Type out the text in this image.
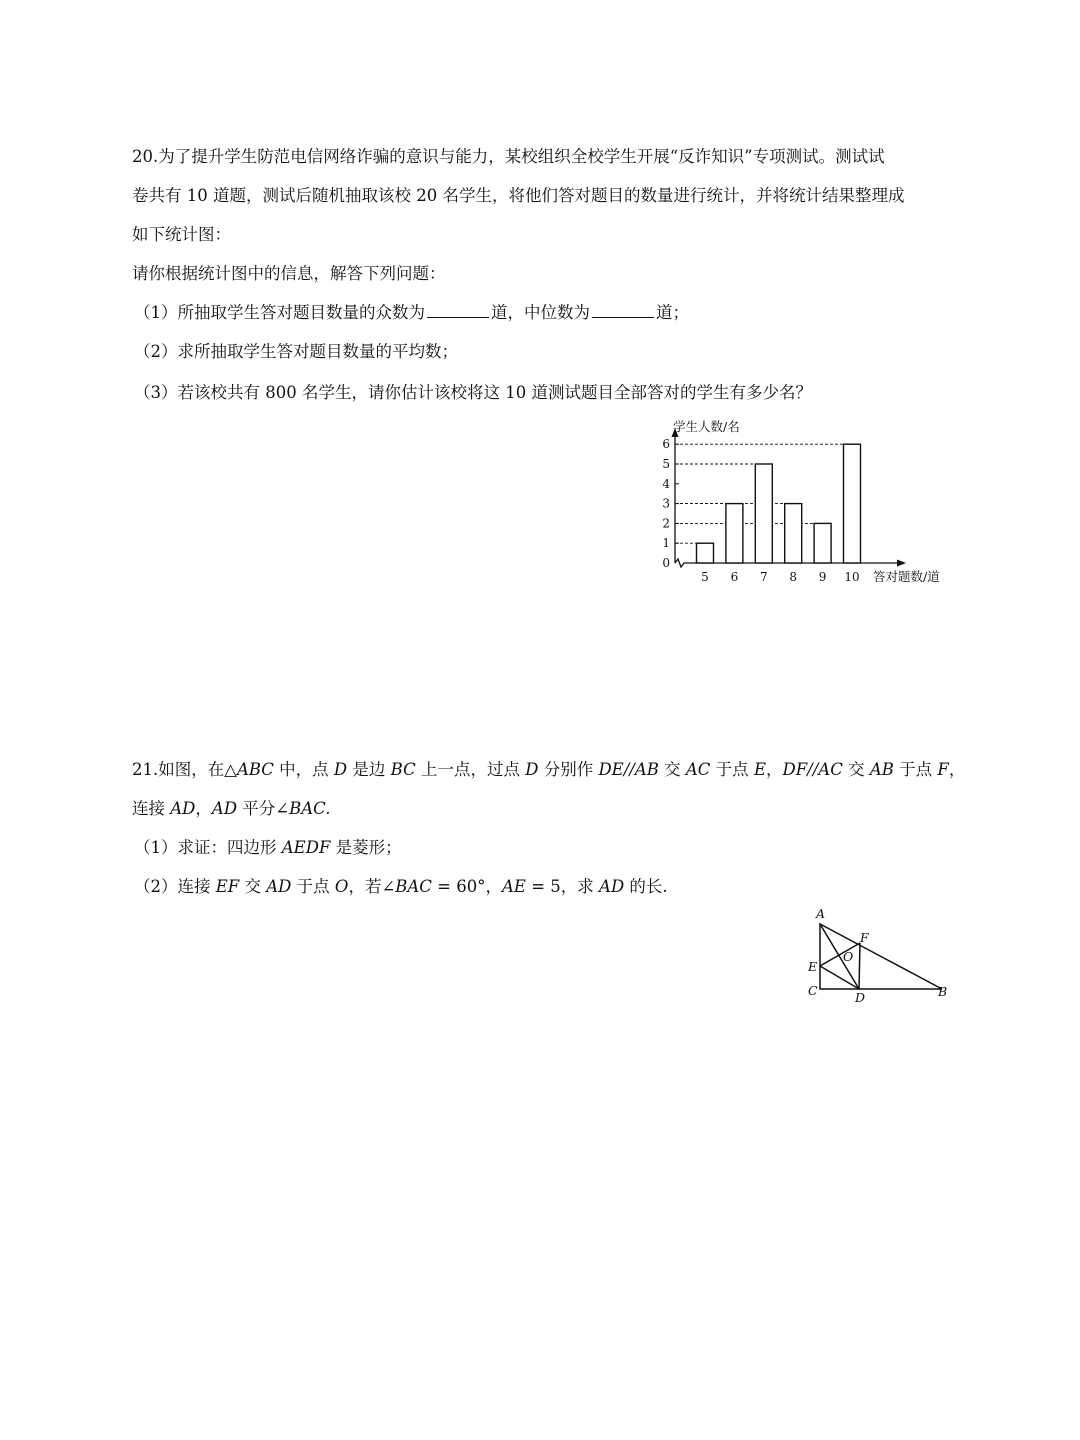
20.为了提升学生防范电信网络诈骗的意识与能力，某校组织全校学生开展“反诈知识”专项测试。测试试
卷共有 10 道题，测试后随机抽取该校 20 名学生，将他们答对题目的数量进行统计，并将统计结果整理成
如下统计图：
请你根据统计图中的信息，解答下列问题：
（1）所抽取学生答对题目数量的众数为	道，中位数为	道；
（2）求所抽取学生答对题目数量的平均数；
（3）若该校共有 800 名学生，请你估计该校将这 10 道测试题目全部答对的学生有多少名？
0
1
2
3
4
5
6
5 6 7 8 9 10
学生人数/名
答对题数/道
21.如图，在△ABC 中，点 D 是边 BC 上一点，过点 D 分别作 DE//AB 交 AC 于点 E，DF//AC 交 AB 于点 F，
连接 AD，AD 平分∠BAC.
（1）求证：四边形 AEDF 是菱形；
（2）连接 EF 交 AD 于点 O，若∠BAC = 60°，AE = 5，求 AD 的长.
A
F
O
E
C	D	B
